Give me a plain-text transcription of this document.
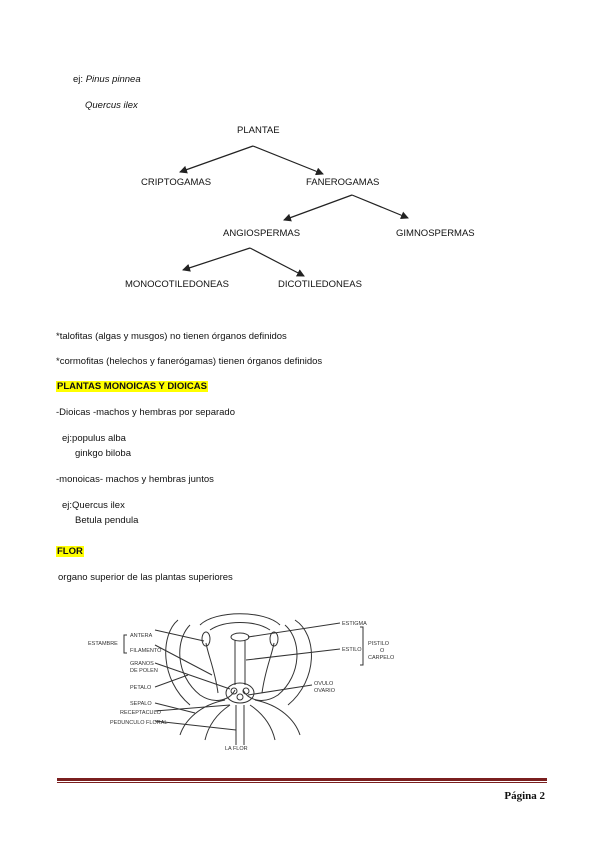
ej: Pinus pinnea
Quercus ilex
PLANTAE
CRIPTOGAMAS	FANEROGAMAS
ANGIOSPERMAS	GIMNOSPERMAS
MONOCOTILEDONEAS	DICOTILEDONEAS
*talofitas (algas y musgos) no tienen órganos definidos
*cormofitas (helechos y fanerógamas) tienen órganos definidos
PLANTAS MONOICAS Y DIOICAS
-Dioicas -machos y hembras por separado
ej:populus alba
ginkgo biloba
-monoicas- machos y hembras juntos
ej:Quercus ilex
Betula pendula
FLOR
organo superior de las plantas superiores
ESTAMBRE
ANTERA
FILAMENTO
GRANOS
DE POLEN
PETALO
SEPALO
RECEPTACULO
PEDUNCULO FLORAL
ESTIGMA
ESTILO
PISTILO
O
CARPELO
OVULO
OVARIO
LA FLOR
Página 2
